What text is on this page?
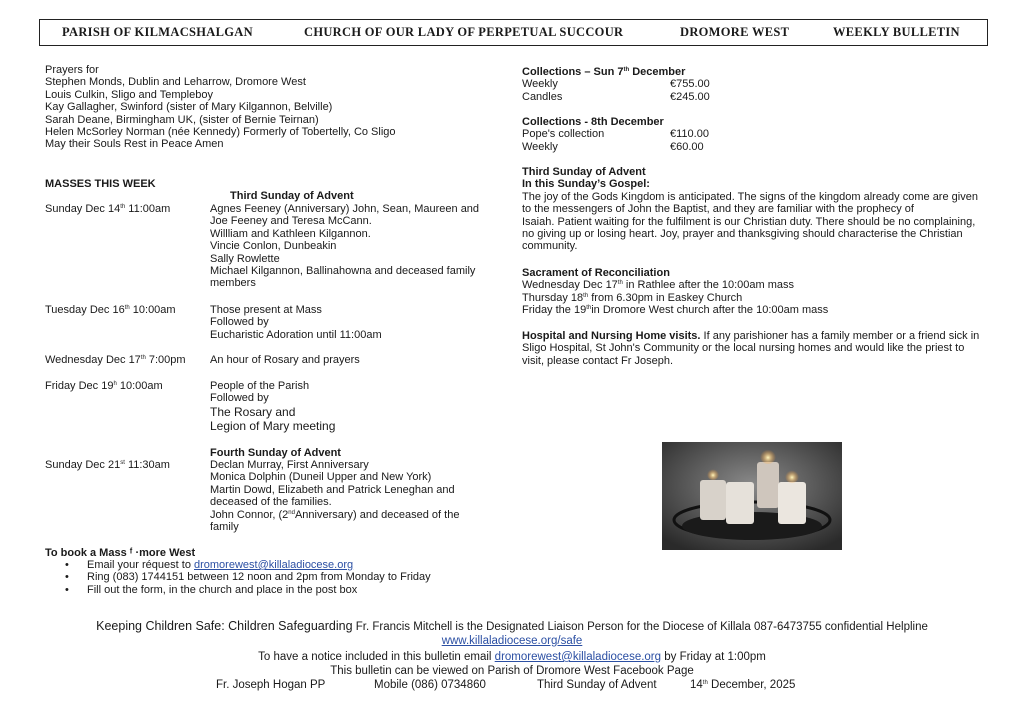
PARISH OF KILMACSHALGAN	CHURCH OF OUR LADY OF PERPETUAL SUCCOUR	DROMORE WEST	WEEKLY BULLETIN
Prayers for
Stephen Monds, Dublin and Leharrow, Dromore West
Louis Culkin, Sligo and Templeboy
Kay Gallagher, Swinford (sister of Mary Kilgannon, Belville)
Sarah Deane, Birmingham UK, (sister of Bernie Teirnan)
Helen McSorley Norman (née Kennedy) Formerly of Tobertelly, Co Sligo
May their Souls Rest in Peace Amen
MASSES THIS WEEK
Third Sunday of Advent
Sunday Dec 14th 11:00am	Agnes Feeney (Anniversary) John, Sean, Maureen and
Joe Feeney and Teresa McCann.
Willliam and Kathleen Kilgannon.
Vincie Conlon, Dunbeakin
Sally Rowlette
Michael Kilgannon, Ballinahowna and deceased family
members
Tuesday Dec 16th 10:00am	Those present at Mass
Followed by
Eucharistic Adoration until 11:00am
Wednesday Dec 17th 7:00pm An hour of Rosary and prayers
Friday Dec 19$^h$ 10:00am	People of the Parish
Followed by
The Rosary and
Legion of Mary meeting
Fourth Sunday of Advent
Sunday Dec 21st 11:30am	Declan Murray, First Anniversary
Monica Dolphin (Duneil Upper and New York)
Martin Dowd, Elizabeth and Patrick Leneghan and
deceased of the families.
John Connor, (2ndAnniversary) and deceased of the
family
To book a Mass ᶠ ·more West
• Email your réquest to dromorewest@killaladiocese.org
• Ring (083) 1744151 between 12 noon and 2pm from Monday to Friday
• Fill out the form, in the church and place in the post box
Collections – Sun 7th December
Weekly	€755.00
Candles	€245.00
Collections - 8th December
Pope's collection	€110.00
Weekly	€60.00
Third Sunday of Advent
In this Sunday’s Gospel:
The joy of the Gods Kingdom is anticipated. The signs of the kingdom already come are given
to the messengers of John the Baptist, and they are familiar with the prophecy of
Isaiah. Patient waiting for the fulfilment is our Christian duty. There should be no complaining,
no giving up or losing heart. Joy, prayer and thanksgiving should characterise the Christian
community.
Sacrament of Reconciliation
Wednesday Dec 17th in Rathlee after the 10:00am mass
Thursday 18th from 6.30pm in Easkey Church
Friday the 19thin Dromore West church after the 10:00am mass
Hospital and Nursing Home visits. If any parishioner has a family member or a friend sick in
Sligo Hospital, St John's Community or the local nursing homes and would like the priest to
visit, please contact Fr Joseph.
Keeping Children Safe: Children Safeguarding Fr. Francis Mitchell is the Designated Liaison Person for the Diocese of Killala 087-6473755 confidential Helpline
www.killaladiocese.org/safe
To have a notice included in this bulletin email dromorewest@killaladiocese.org by Friday at 1:00pm
This bulletin can be viewed on Parish of Dromore West Facebook Page
Fr. Joseph Hogan PP	Mobile (086) 0734860	Third Sunday of Advent	14th December, 2025
